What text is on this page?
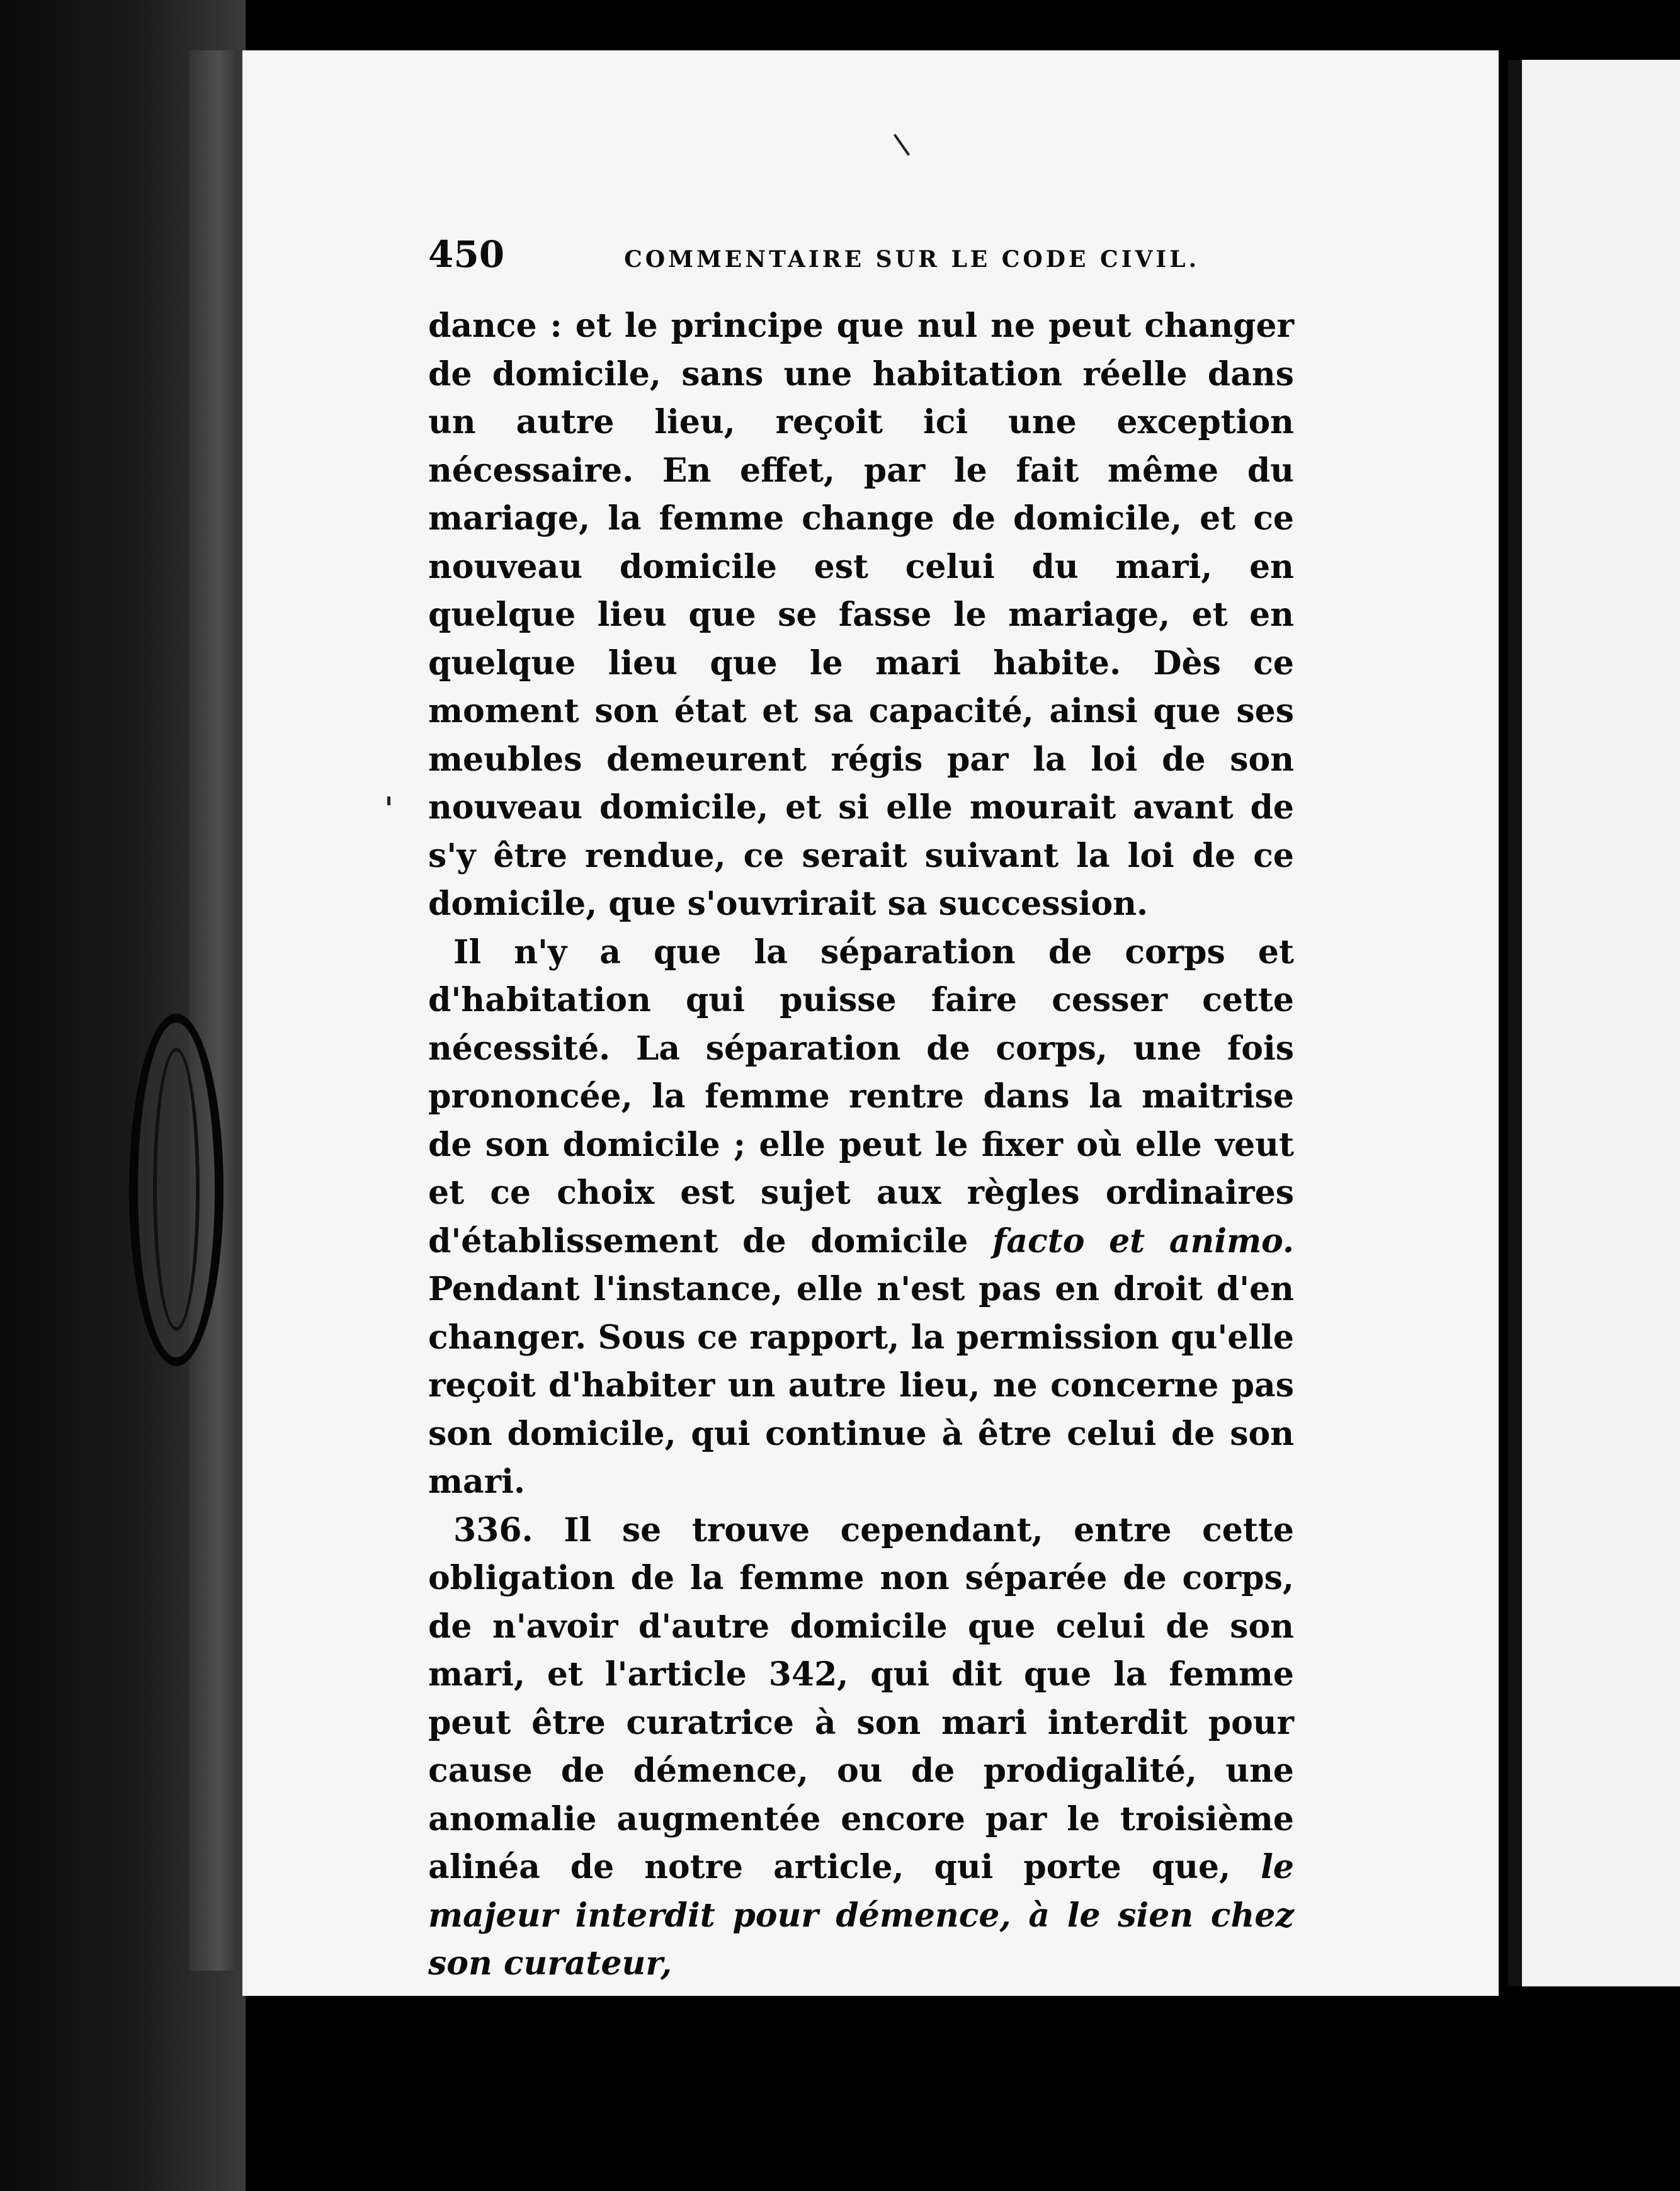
450	COMMENTAIRE SUR LE CODE CIVIL.

dance : et le principe que nul ne peut changer de domicile, sans une habitation réelle dans un autre lieu, reçoit ici une exception nécessaire. En effet, par le fait même du mariage, la femme change de domicile, et ce nouveau domicile est celui du mari, en quelque lieu que se fasse le mariage, et en quelque lieu que le mari habite. Dès ce moment son état et sa capacité, ainsi que ses meubles demeurent régis par la loi de son nouveau domicile, et si elle mourait avant de s'y être rendue, ce serait suivant la loi de ce domicile, que s'ouvrirait sa succession.

Il n'y a que la séparation de corps et d'habitation qui puisse faire cesser cette nécessité. La séparation de corps, une fois prononcée, la femme rentre dans la maitrise de son domicile ; elle peut le fixer où elle veut et ce choix est sujet aux règles ordinaires d'établissement de domicile facto et animo. Pendant l'instance, elle n'est pas en droit d'en changer. Sous ce rapport, la permission qu'elle reçoit d'habiter un autre lieu, ne concerne pas son domicile, qui continue à être celui de son mari.

336. Il se trouve cependant, entre cette obligation de la femme non séparée de corps, de n'avoir d'autre domicile que celui de son mari, et l'article 342, qui dit que la femme peut être curatrice à son mari interdit pour cause de démence, ou de prodigalité, une anomalie augmentée encore par le troisième alinéa de notre article, qui porte que, le majeur interdit pour démence, à le sien chez son curateur,
